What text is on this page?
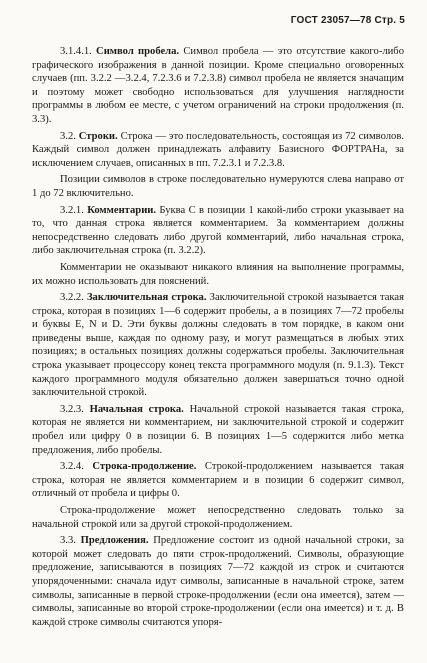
ГОСТ 23057—78 Стр. 5

3.1.4.1. Символ пробела. Символ пробела — это отсутствие какого-либо графического изображения в данной позиции. Кроме специально оговоренных случаев (пп. 3.2.2 —3.2.4, 7.2.3.6 и 7.2.3.8) символ пробела не является значащим и поэтому может свободно использоваться для улучшения наглядности программы в любом ее месте, с учетом ограничений на строки продолжения (п. 3.3).

3.2. Строки. Строка — это последовательность, состоящая из 72 символов. Каждый символ должен принадлежать алфавиту Базисного ФОРТРАНа, за исключением случаев, описанных в пп. 7.2.3.1 и 7.2.3.8.

Позиции символов в строке последовательно нумеруются слева направо от 1 до 72 включительно.

3.2.1. Комментарии. Буква С в позиции 1 какой-либо строки указывает на то, что данная строка является комментарием. За комментарием должны непосредственно следовать либо другой комментарий, либо начальная строка, либо заключительная строка (п. 3.2.2).

Комментарии не оказывают никакого влияния на выполнение программы, их можно использовать для пояснений.

3.2.2. Заключительная строка. Заключительной строкой называется такая строка, которая в позициях 1—6 содержит пробелы, а в позициях 7—72 пробелы и буквы Е, N и D. Эти буквы должны следовать в том порядке, в каком они приведены выше, каждая по одному разу, и могут размещаться в любых этих позициях; в остальных позициях должны содержаться пробелы. Заключительная строка указывает процессору конец текста программного модуля (п. 9.1.3). Текст каждого программного модуля обязательно должен завершаться точно одной заключительной строкой.

3.2.3. Начальная строка. Начальной строкой называется такая строка, которая не является ни комментарием, ни заключительной строкой и содержит пробел или цифру 0 в позиции 6. В позициях 1—5 содержится либо метка предложения, либо пробелы.

3.2.4. Строка-продолжение. Строкой-продолжением называется такая строка, которая не является комментарием и в позиции 6 содержит символ, отличный от пробела и цифры 0.

Строка-продолжение может непосредственно следовать только за начальной строкой или за другой строкой-продолжением.

3.3. Предложения. Предложение состоит из одной начальной строки, за которой может следовать до пяти строк-продолжений. Символы, образующие предложение, записываются в позициях 7—72 каждой из строк и считаются упорядоченными: сначала идут символы, записанные в начальной строке, затем символы, записанные в первой строке-продолжении (если она имеется), затем — символы, записанные во второй строке-продолжении (если она имеется) и т. д. В каждой строке символы считаются упоря-
